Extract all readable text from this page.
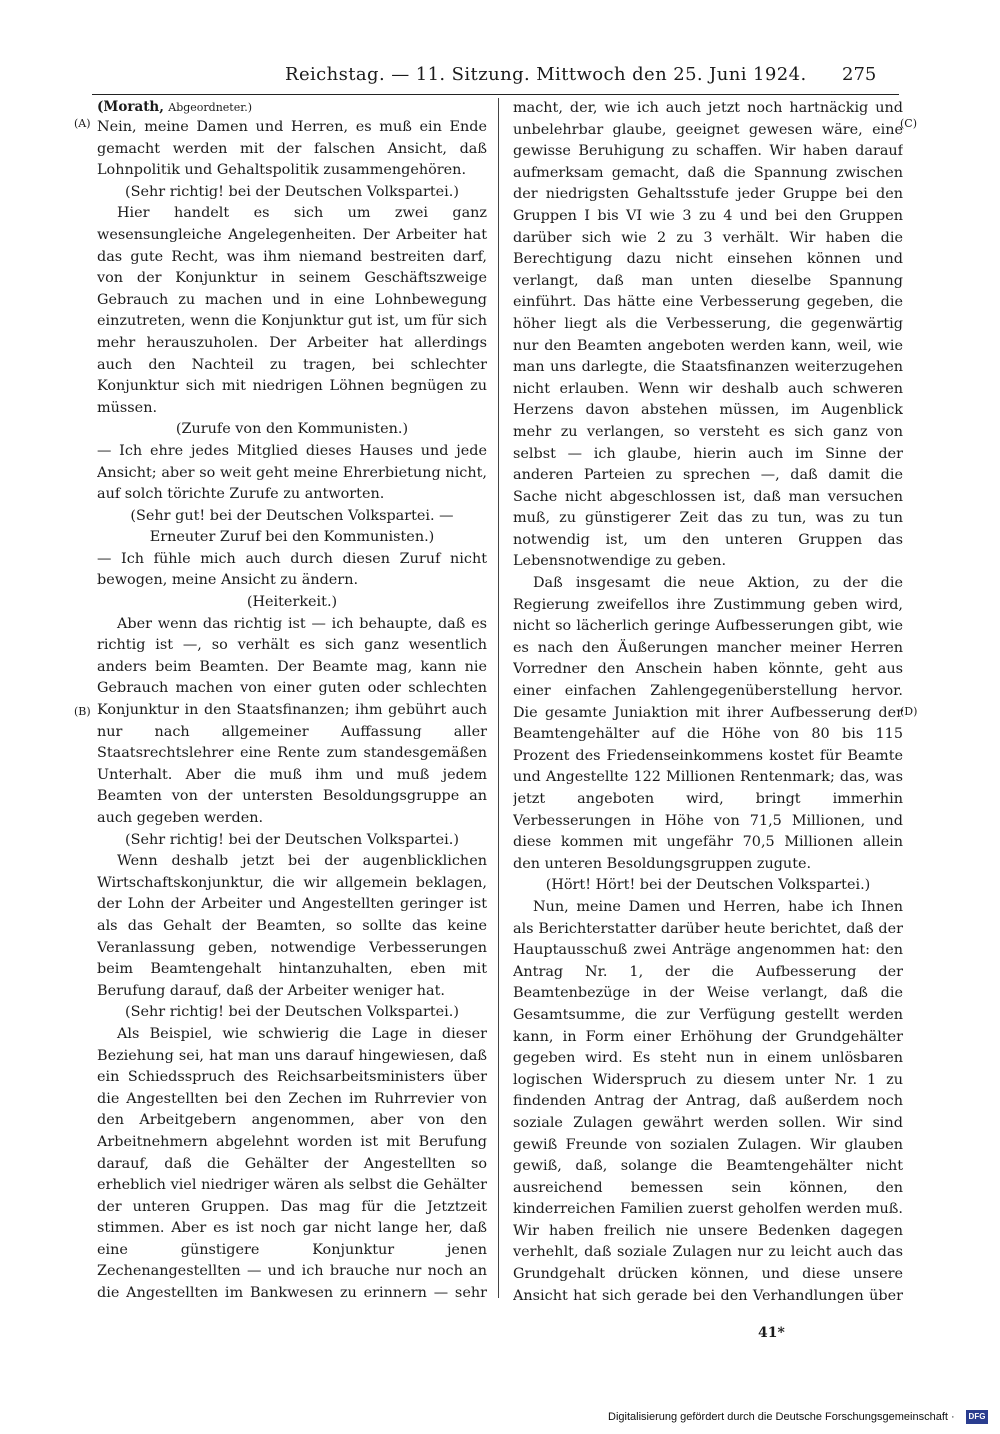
Reichstag. — 11. Sitzung. Mittwoch den 25. Juni 1924. 275
(Morath, Abgeordneter.)

Nein, meine Damen und Herren, es muß ein Ende gemacht werden mit der falschen Ansicht, daß Lohnpolitik und Gehaltspolitik zusammengehören.

(Sehr richtig! bei der Deutschen Volkspartei.)

Hier handelt es sich um zwei ganz wesensungleiche Angelegenheiten. Der Arbeiter hat das gute Recht, was ihm niemand bestreiten darf, von der Konjunktur in seinem Geschäftszweige Gebrauch zu machen und in eine Lohnbewegung einzutreten, wenn die Konjunktur gut ist, um für sich mehr herauszuholen. Der Arbeiter hat allerdings auch den Nachteil zu tragen, bei schlechter Konjunktur sich mit niedrigen Löhnen begnügen zu müssen.

(Zurufe von den Kommunisten.)

— Ich ehre jedes Mitglied dieses Hauses und jede Ansicht; aber so weit geht meine Ehrerbietung nicht, auf solch törichte Zurufe zu antworten.

(Sehr gut! bei der Deutschen Volkspartei. — Erneuter Zuruf bei den Kommunisten.)

— Ich fühle mich auch durch diesen Zuruf nicht bewogen, meine Ansicht zu ändern.

(Heiterkeit.)

Aber wenn das richtig ist — ich behaupte, daß es richtig ist —, so verhält es sich ganz wesentlich anders beim Beamten. Der Beamte mag, kann nie Gebrauch machen von einer guten oder schlechten Konjunktur in den Staatsfinanzen; ihm gebührt auch nur nach allgemeiner Auffassung aller Staatsrechtslehrer eine Rente zum standesgemäßen Unterhalt. Aber die muß ihm und muß jedem Beamten von der untersten Besoldungsgruppe an auch gegeben werden.

(Sehr richtig! bei der Deutschen Volkspartei.)

Wenn deshalb jetzt bei der augenblicklichen Wirtschaftskonjunktur, die wir allgemein beklagen, der Lohn der Arbeiter und Angestellten geringer ist als das Gehalt der Beamten, so sollte das keine Veranlassung geben, notwendige Verbesserungen beim Beamtengehalt hintanzuhalten, eben mit Berufung darauf, daß der Arbeiter weniger hat.

(Sehr richtig! bei der Deutschen Volkspartei.)

Als Beispiel, wie schwierig die Lage in dieser Beziehung sei, hat man uns darauf hingewiesen, daß ein Schiedsspruch des Reichsarbeitsministers über die Angestellten bei den Zechen im Ruhrrevier von den Arbeitgebern angenommen, aber von den Arbeitnehmern abgelehnt worden ist mit Berufung darauf, daß die Gehälter der Angestellten so erheblich viel niedriger wären als selbst die Gehälter der unteren Gruppen. Das mag für die Jetztzeit stimmen. Aber es ist noch gar nicht lange her, daß eine günstigere Konjunktur jenen Zechenangestellten — und ich brauche nur noch an die Angestellten im Bankwesen zu erinnern — sehr

macht, der, wie ich auch jetzt noch hartnäckig und unbelehrbar glaube, geeignet gewesen wäre, eine gewisse Beruhigung zu schaffen. Wir haben darauf aufmerksam gemacht, daß die Spannung zwischen der niedrigsten Gehaltsstufe jeder Gruppe bei den Gruppen I bis VI wie 3 zu 4 und bei den Gruppen darüber sich wie 2 zu 3 verhält. Wir haben die Berechtigung dazu nicht einsehen können und verlangt, daß man unten dieselbe Spannung einführt. Das hätte eine Verbesserung gegeben, die höher liegt als die Verbesserung, die gegenwärtig nur den Beamten angeboten werden kann, weil, wie man uns darlegte, die Staatsfinanzen weiterzugehen nicht erlauben. Wenn wir deshalb auch schweren Herzens davon abstehen müssen, im Augenblick mehr zu verlangen, so versteht es sich ganz von selbst — ich glaube, hierin auch im Sinne der anderen Parteien zu sprechen —, daß damit die Sache nicht abgeschlossen ist, daß man versuchen muß, zu günstigerer Zeit das zu tun, was zu tun notwendig ist, um den unteren Gruppen das Lebensnotwendige zu geben.

Daß insgesamt die neue Aktion, zu der die Regierung zweifellos ihre Zustimmung geben wird, nicht so lächerlich geringe Aufbesserungen gibt, wie es nach den Äußerungen mancher meiner Herren Vorredner den Anschein haben könnte, geht aus einer einfachen Zahlengegenüberstellung hervor. Die gesamte Juniaktion mit ihrer Aufbesserung der Beamtengehälter auf die Höhe von 80 bis 115 Prozent des Friedenseinkommens kostet für Beamte und Angestellte 122 Millionen Rentenmark; das, was jetzt angeboten wird, bringt immerhin Verbesserungen in Höhe von 71,5 Millionen, und diese kommen mit ungefähr 70,5 Millionen allein den unteren Besoldungsgruppen zugute.

(Hört! Hört! bei der Deutschen Volkspartei.)

Nun, meine Damen und Herren, habe ich Ihnen als Berichterstatter darüber heute berichtet, daß der Hauptausschuß zwei Anträge angenommen hat: den Antrag Nr. 1, der die Aufbesserung der Beamtenbezüge in der Weise verlangt, daß die Gesamtsumme, die zur Verfügung gestellt werden kann, in Form einer Erhöhung der Grundgehälter gegeben wird. Es steht nun in einem unlösbaren logischen Widerspruch zu diesem unter Nr. 1 zu findenden Antrag der Antrag, daß außerdem noch soziale Zulagen gewährt werden sollen. Wir sind gewiß Freunde von sozialen Zulagen. Wir glauben gewiß, daß, solange die Beamtengehälter nicht ausreichend bemessen sein können, den kinderreichen Familien zuerst geholfen werden muß. Wir haben freilich nie unsere Bedenken dagegen verhehlt, daß soziale Zulagen nur zu leicht auch das Grundgehalt drücken können, und diese unsere Ansicht hat sich gerade bei den Verhandlungen über

(A)
(B)
(C)
(D)
41*
Digitalisierung gefördert durch die Deutsche Forschungsgemeinschaft ·	DFG
